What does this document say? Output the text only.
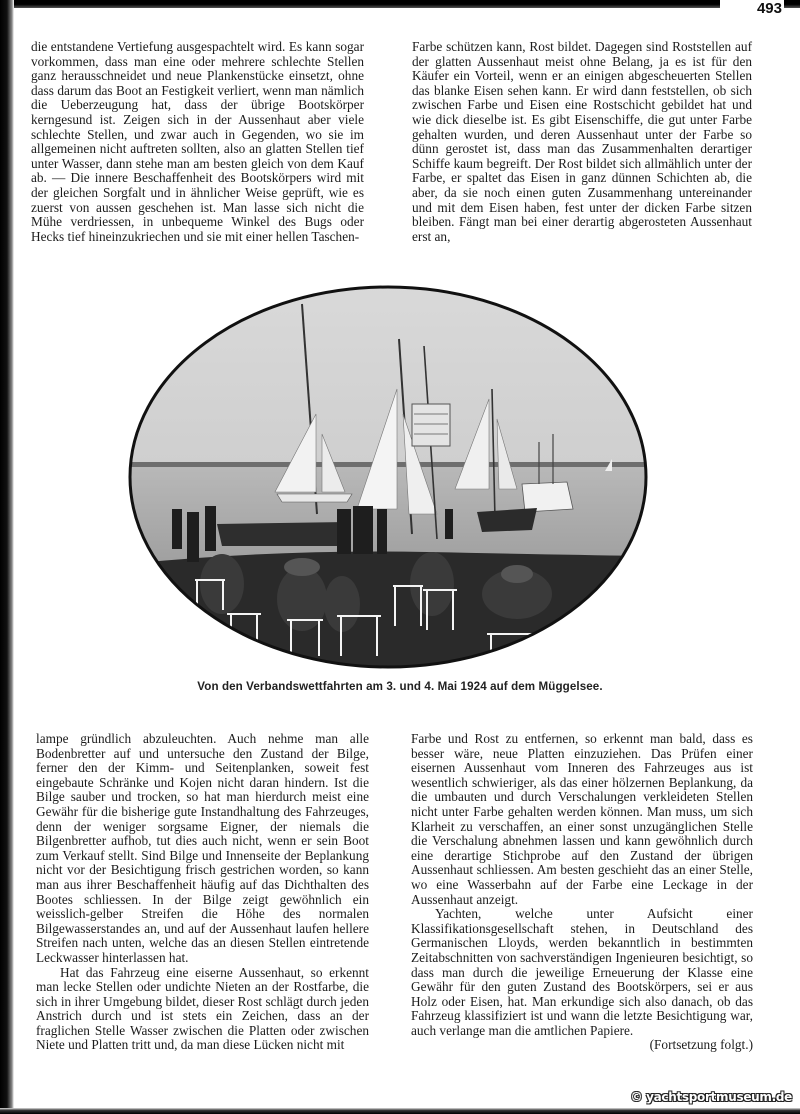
493

die entstandene Vertiefung ausgespachtelt wird. Es kann sogar vorkommen, dass man eine oder mehrere schlechte Stellen ganz herausschneidet und neue Plankenstücke einsetzt, ohne dass darum das Boot an Festigkeit verliert, wenn man nämlich die Ueberzeugung hat, dass der übrige Bootskörper kerngesund ist. Zeigen sich in der Aussenhaut aber viele schlechte Stellen, und zwar auch in Gegenden, wo sie im allgemeinen nicht auftreten sollten, also an glatten Stellen tief unter Wasser, dann stehe man am besten gleich von dem Kauf ab. — Die innere Beschaffenheit des Bootskörpers wird mit der gleichen Sorgfalt und in ähnlicher Weise geprüft, wie es zuerst von aussen geschehen ist. Man lasse sich nicht die Mühe verdriessen, in unbequeme Winkel des Bugs oder Hecks tief hineinzukriechen und sie mit einer hellen Taschen-

Farbe schützen kann, Rost bildet. Dagegen sind Roststellen auf der glatten Aussenhaut meist ohne Belang, ja es ist für den Käufer ein Vorteil, wenn er an einigen abgescheuerten Stellen das blanke Eisen sehen kann. Er wird dann feststellen, ob sich zwischen Farbe und Eisen eine Rostschicht gebildet hat und wie dick dieselbe ist. Es gibt Eisenschiffe, die gut unter Farbe gehalten wurden, und deren Aussenhaut unter der Farbe so dünn gerostet ist, dass man das Zusammenhalten derartiger Schiffe kaum begreift. Der Rost bildet sich allmählich unter der Farbe, er spaltet das Eisen in ganz dünnen Schichten ab, die aber, da sie noch einen guten Zusammenhang untereinander und mit dem Eisen haben, fest unter der dicken Farbe sitzen bleiben. Fängt man bei einer derartig abgerosteten Aussenhaut erst an,

Von den Verbandswettfahrten am 3. und 4. Mai 1924 auf dem Müggelsee.

lampe gründlich abzuleuchten. Auch nehme man alle Bodenbretter auf und untersuche den Zustand der Bilge, ferner den der Kimm- und Seitenplanken, soweit fest eingebaute Schränke und Kojen nicht daran hindern. Ist die Bilge sauber und trocken, so hat man hierdurch meist eine Gewähr für die bisherige gute Instandhaltung des Fahrzeuges, denn der weniger sorgsame Eigner, der niemals die Bilgenbretter aufhob, tut dies auch nicht, wenn er sein Boot zum Verkauf stellt. Sind Bilge und Innenseite der Beplankung nicht vor der Besichtigung frisch gestrichen worden, so kann man aus ihrer Beschaffenheit häufig auf das Dichthalten des Bootes schliessen. In der Bilge zeigt gewöhnlich ein weisslich-gelber Streifen die Höhe des normalen Bilgewasserstandes an, und auf der Aussenhaut laufen hellere Streifen nach unten, welche das an diesen Stellen eintretende Leckwasser hinterlassen hat.

Hat das Fahrzeug eine eiserne Aussenhaut, so erkennt man lecke Stellen oder undichte Nieten an der Rostfarbe, die sich in ihrer Umgebung bildet, dieser Rost schlägt durch jeden Anstrich durch und ist stets ein Zeichen, dass an der fraglichen Stelle Wasser zwischen die Platten oder zwischen Niete und Platten tritt und, da man diese Lücken nicht mit

Farbe und Rost zu entfernen, so erkennt man bald, dass es besser wäre, neue Platten einzuziehen. Das Prüfen einer eisernen Aussenhaut vom Inneren des Fahrzeuges aus ist wesentlich schwieriger, als das einer hölzernen Beplankung, da die umbauten und durch Verschalungen verkleideten Stellen nicht unter Farbe gehalten werden können. Man muss, um sich Klarheit zu verschaffen, an einer sonst unzugänglichen Stelle die Verschalung abnehmen lassen und kann gewöhnlich durch eine derartige Stichprobe auf den Zustand der übrigen Aussenhaut schliessen. Am besten geschieht das an einer Stelle, wo eine Wasserbahn auf der Farbe eine Leckage in der Aussenhaut anzeigt.

Yachten, welche unter Aufsicht einer Klassifikationsgesellschaft stehen, in Deutschland des Germanischen Lloyds, werden bekanntlich in bestimmten Zeitabschnitten von sachverständigen Ingenieuren besichtigt, so dass man durch die jeweilige Erneuerung der Klasse eine Gewähr für den guten Zustand des Bootskörpers, sei er aus Holz oder Eisen, hat. Man erkundige sich also danach, ob das Fahrzeug klassifiziert ist und wann die letzte Besichtigung war, auch verlange man die amtlichen Papiere.
(Fortsetzung folgt.)

© yachtsportmuseum.de
